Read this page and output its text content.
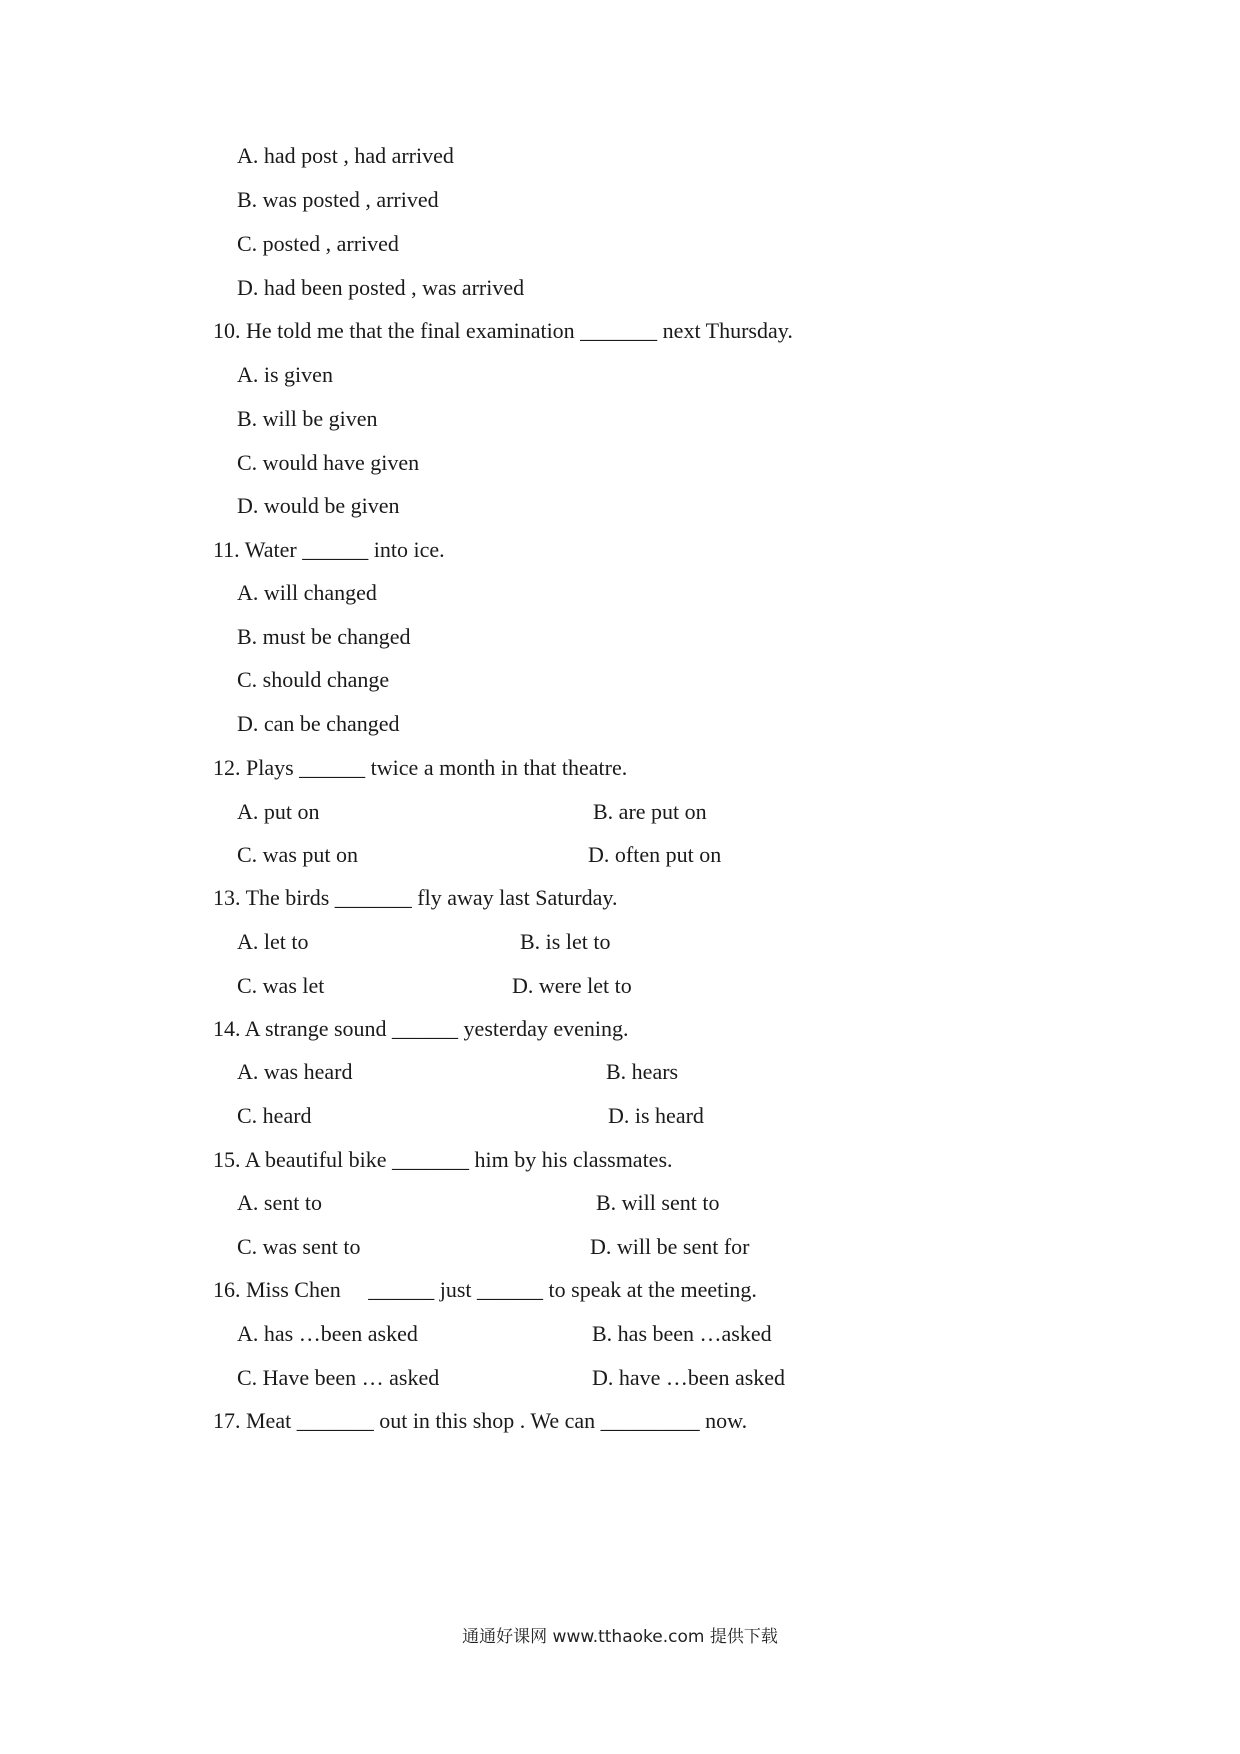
A. had post , had arrived
B. was posted , arrived
C. posted , arrived
D. had been posted , was arrived
10. He told me that the final examination _______ next Thursday.
A. is given
B. will be given
C. would have given
D. would be given
11. Water ______ into ice.
A. will changed
B. must be changed
C. should change
D. can be changed
12. Plays ______ twice a month in that theatre.
A. put on	B. are put on
C. was put on	D. often put on
13. The birds _______ fly away last Saturday.
A. let to	B. is let to
C. was let	D. were let to
14. A strange sound ______ yesterday evening.
A. was heard	B. hears
C. heard	D. is heard
15. A beautiful bike _______ him by his classmates.
A. sent to	B. will sent to
C. was sent to	D. will be sent for
16. Miss Chen     ______ just ______ to speak at the meeting.
A. has …been asked	B. has been …asked
C. Have been … asked	D. have …been asked
17. Meat _______ out in this shop . We can _________ now.
通通好课网 www.tthaoke.com 提供下载
